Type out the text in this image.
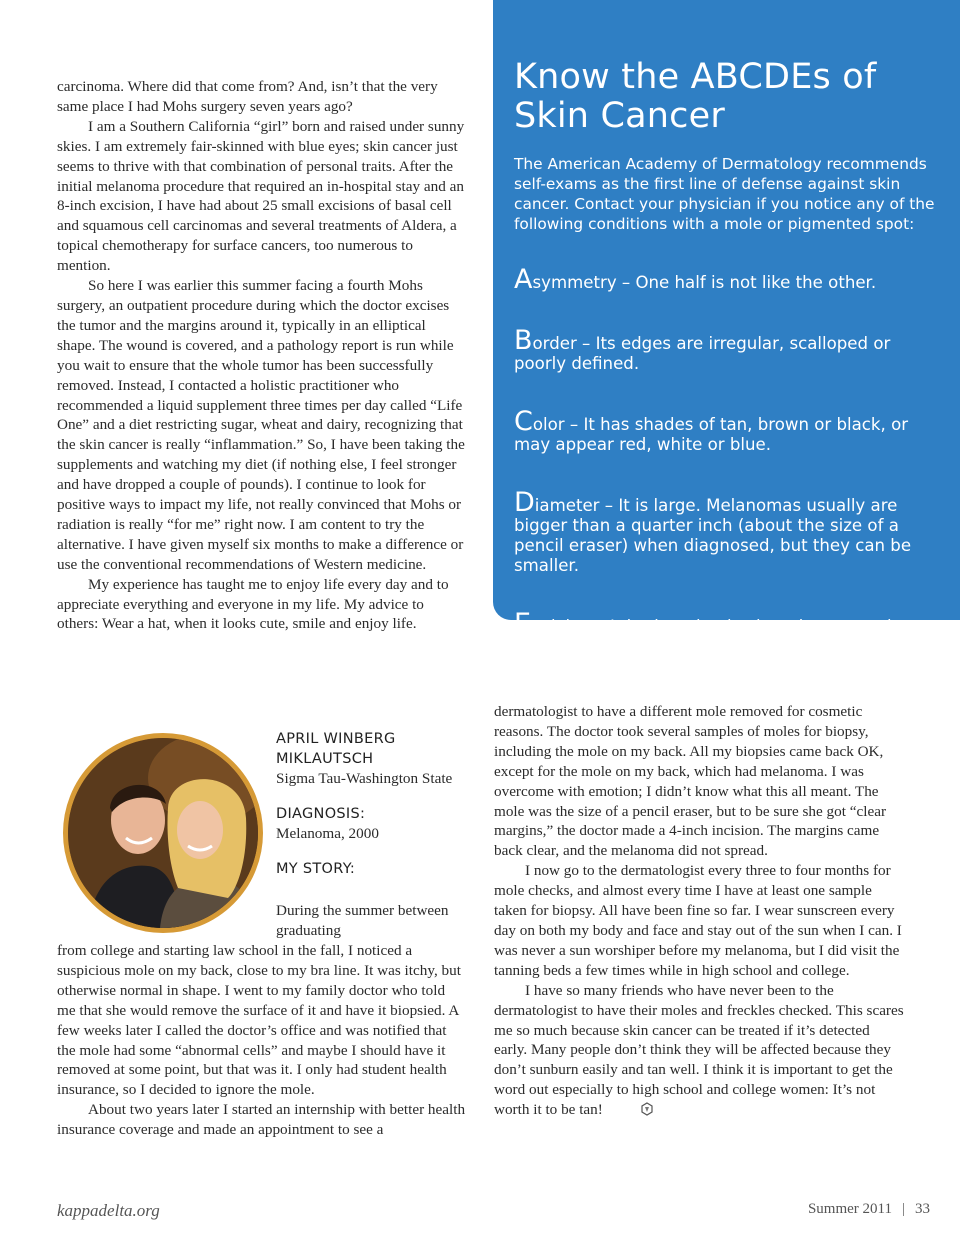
carcinoma. Where did that come from? And, isn’t that the very same place I had Mohs surgery seven years ago?

I am a Southern California “girl” born and raised under sunny skies. I am extremely fair-skinned with blue eyes; skin cancer just seems to thrive with that combination of personal traits. After the initial melanoma procedure that required an in-hospital stay and an 8-inch excision, I have had about 25 small excisions of basal cell and squamous cell carcinomas and several treatments of Aldera, a topical chemotherapy for surface cancers, too numerous to mention.

So here I was earlier this summer facing a fourth Mohs surgery, an outpatient procedure during which the doctor excises the tumor and the margins around it, typically in an elliptical shape. The wound is covered, and a pathology report is run while you wait to ensure that the whole tumor has been successfully removed. Instead, I contacted a holistic practitioner who recommended a liquid supplement three times per day called “Life One” and a diet restricting sugar, wheat and dairy, recognizing that the skin cancer is really “inflammation.” So, I have been taking the supplements and watching my diet (if nothing else, I feel stronger and have dropped a couple of pounds). I continue to look for positive ways to impact my life, not really convinced that Mohs or radiation is really “for me” right now. I am content to try the alternative. I have given myself six months to make a difference or use the conventional recommendations of Western medicine.

My experience has taught me to enjoy life every day and to appreciate everything and everyone in my life. My advice to others: Wear a hat, when it looks cute, smile and enjoy life.

Know the ABCDEs of Skin Cancer

The American Academy of Dermatology recommends self-exams as the first line of defense against skin cancer. Contact your physician if you notice any of the following conditions with a mole or pigmented spot:

Asymmetry – One half is not like the other.

Border – Its edges are irregular, scalloped or poorly defined.

Color – It has shades of tan, brown or black, or may appear red, white or blue.

Diameter – It is large. Melanomas usually are bigger than a quarter inch (about the size of a pencil eraser) when diagnosed, but they can be smaller.

Evolving – It is changing in size, shape or color.

APRIL WINBERG MIKLAUTSCH

Sigma Tau-Washington State

DIAGNOSIS:

Melanoma, 2000

MY STORY:

During the summer between graduating

from college and starting law school in the fall, I noticed a suspicious mole on my back, close to my bra line. It was itchy, but otherwise normal in shape. I went to my family doctor who told me that she would remove the surface of it and have it biopsied. A few weeks later I called the doctor’s office and was notified that the mole had some “abnormal cells” and maybe I should have it removed at some point, but that was it. I only had student health insurance, so I decided to ignore the mole.

About two years later I started an internship with better health insurance coverage and made an appointment to see a

dermatologist to have a different mole removed for cosmetic reasons. The doctor took several samples of moles for biopsy, including the mole on my back. All my biopsies came back OK, except for the mole on my back, which had melanoma. I was overcome with emotion; I didn’t know what this all meant. The mole was the size of a pencil eraser, but to be sure she got “clear margins,” the doctor made a 4-inch incision. The margins came back clear, and the melanoma did not spread.

I now go to the dermatologist every three to four months for mole checks, and almost every time I have at least one sample taken for biopsy. All have been fine so far. I wear sunscreen every day on both my body and face and stay out of the sun when I can. I was never a sun worshiper before my melanoma, but I did visit the tanning beds a few times while in high school and college.

I have so many friends who have never been to the dermatologist to have their moles and freckles checked. This scares me so much because skin cancer can be treated if it’s detected early. Many people don’t think they will be affected because they don’t sunburn easily and tan well. I think it is important to get the word out especially to high school and college women: It’s not worth it to be tan!

kappadelta.org	Summer 2011 | 33
